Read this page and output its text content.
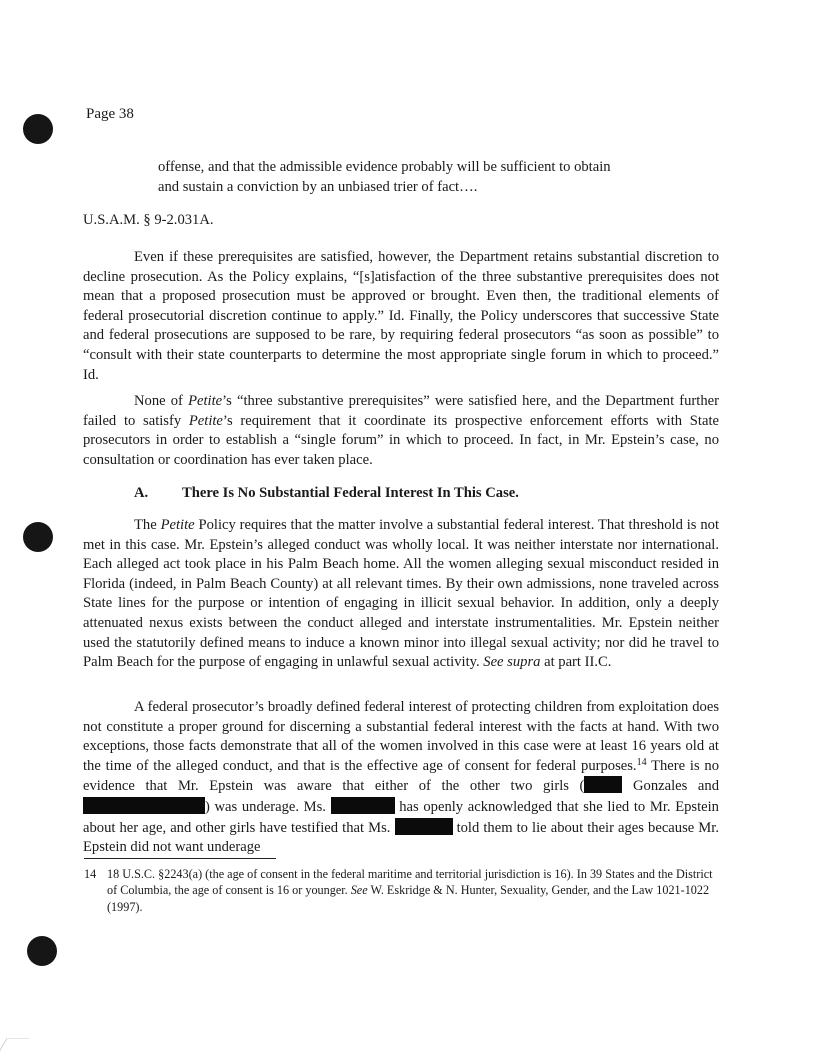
Page 38
offense, and that the admissible evidence probably will be sufficient to obtain
and sustain a conviction by an unbiased trier of fact….
U.S.A.M. § 9-2.031A.

Even if these prerequisites are satisfied, however, the Department retains substantial discretion to decline prosecution. As the Policy explains, “[s]atisfaction of the three substantive prerequisites does not mean that a proposed prosecution must be approved or brought. Even then, the traditional elements of federal prosecutorial discretion continue to apply.” Id. Finally, the Policy underscores that successive State and federal prosecutions are supposed to be rare, by requiring federal prosecutors “as soon as possible” to “consult with their state counterparts to determine the most appropriate single forum in which to proceed.” Id.

None of Petite’s “three substantive prerequisites” were satisfied here, and the Department further failed to satisfy Petite’s requirement that it coordinate its prospective enforcement efforts with State prosecutors in order to establish a “single forum” in which to proceed. In fact, in Mr. Epstein’s case, no consultation or coordination has ever taken place.

A. There Is No Substantial Federal Interest In This Case.

The Petite Policy requires that the matter involve a substantial federal interest. That threshold is not met in this case. Mr. Epstein’s alleged conduct was wholly local. It was neither interstate nor international. Each alleged act took place in his Palm Beach home. All the women alleging sexual misconduct resided in Florida (indeed, in Palm Beach County) at all relevant times. By their own admissions, none traveled across State lines for the purpose or intention of engaging in illicit sexual behavior. In addition, only a deeply attenuated nexus exists between the conduct alleged and interstate instrumentalities. Mr. Epstein neither used the statutorily defined means to induce a known minor into illegal sexual activity; nor did he travel to Palm Beach for the purpose of engaging in unlawful sexual activity. See supra at part II.C.

A federal prosecutor’s broadly defined federal interest of protecting children from exploitation does not constitute a proper ground for discerning a substantial federal interest with the facts at hand. With two exceptions, those facts demonstrate that all of the women involved in this case were at least 16 years old at the time of the alleged conduct, and that is the effective age of consent for federal purposes.$^{14}$ There is no evidence that Mr. Epstein was aware that either of the other two girls (	Gonzales and ) was underage. Ms.	has openly acknowledged that she lied to Mr. Epstein about her age, and other girls have testified that Ms.	told them to lie about their ages because Mr. Epstein did not want underage

14 18 U.S.C. §2243(a) (the age of consent in the federal maritime and territorial jurisdiction is 16). In 39 States and the District of Columbia, the age of consent is 16 or younger. See W. Eskridge & N. Hunter, Sexuality, Gender, and the Law 1021-1022 (1997).
